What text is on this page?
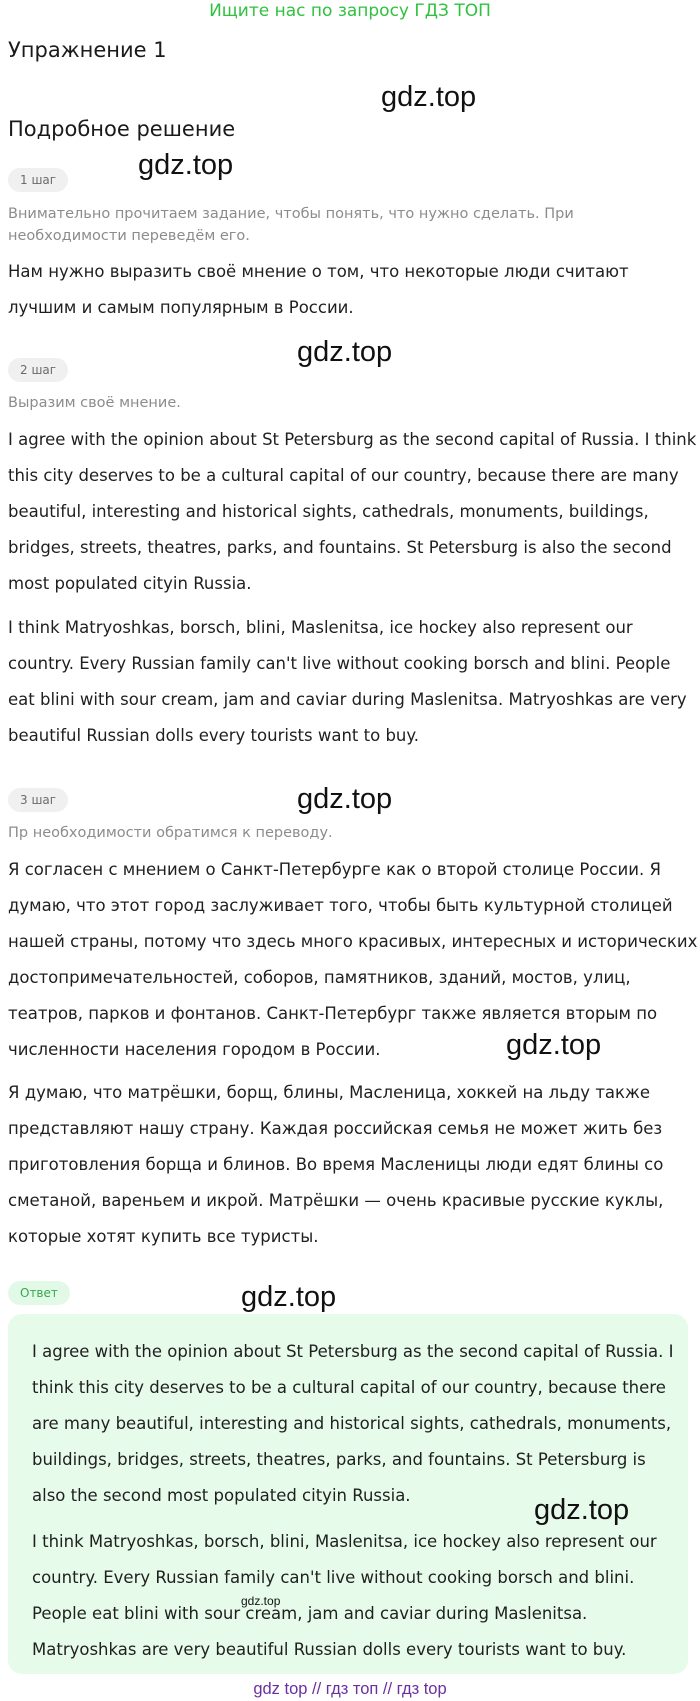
Ищите нас по запросу ГДЗ ТОП
Упражнение 1
Подробное решение
1 шаг

Внимательно прочитаем задание, чтобы понять, что нужно сделать. При необходимости переведём его.

Нам нужно выразить своё мнение о том, что некоторые люди считают лучшим и самым популярным в России.

2 шаг

Выразим своё мнение.

I agree with the opinion about St Petersburg as the second capital of Russia. I think this city deserves to be a cultural capital of our country, because there are many beautiful, interesting and historical sights, cathedrals, monuments, buildings, bridges, streets, theatres, parks, and fountains. St Petersburg is also the second most populated cityin Russia.

I think Matryoshkas, borsch, blini, Maslenitsa, ice hockey also represent our country. Every Russian family can't live without cooking borsch and blini. People eat blini with sour cream, jam and caviar during Maslenitsa. Matryoshkas are very beautiful Russian dolls every tourists want to buy.

3 шаг

Пр необходимости обратимся к переводу.

Я согласен с мнением о Санкт-Петербурге как о второй столице России. Я думаю, что этот город заслуживает того, чтобы быть культурной столицей нашей страны, потому что здесь много красивых, интересных и исторических достопримечательностей, соборов, памятников, зданий, мостов, улиц, театров, парков и фонтанов. Санкт-Петербург также является вторым по численности населения городом в России.

Я думаю, что матрёшки, борщ, блины, Масленица, хоккей на льду также представляют нашу страну. Каждая российская семья не может жить без приготовления борща и блинов. Во время Масленицы люди едят блины со сметаной, вареньем и икрой. Матрёшки — очень красивые русские куклы, которые хотят купить все туристы.

Ответ

I agree with the opinion about St Petersburg as the second capital of Russia. I think this city deserves to be a cultural capital of our country, because there are many beautiful, interesting and historical sights, cathedrals, monuments, buildings, bridges, streets, theatres, parks, and fountains. St Petersburg is also the second most populated cityin Russia.

I think Matryoshkas, borsch, blini, Maslenitsa, ice hockey also represent our country. Every Russian family can't live without cooking borsch and blini. People eat blini with sour cream, jam and caviar during Maslenitsa. Matryoshkas are very beautiful Russian dolls every tourists want to buy.

gdz.top
gdz.top
gdz.top
gdz.top
gdz.top
gdz.top
gdz.top
gdz.top
gdz top // гдз топ // гдз top
